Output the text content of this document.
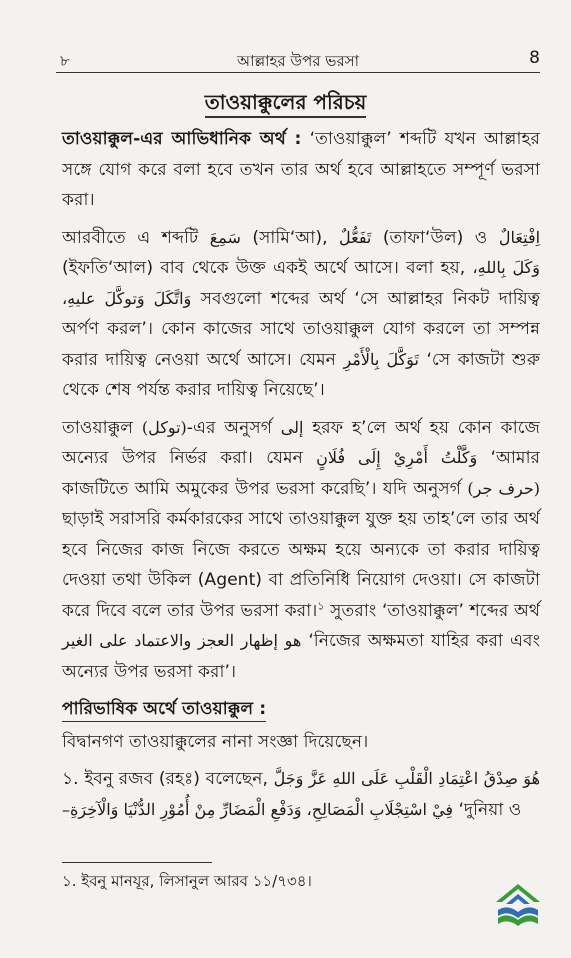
৮	আল্লাহর উপর ভরসা	8
তাওয়াক্কুলের পরিচয়

তাওয়াক্কুল-এর আভিধানিক অর্থ : ‘তাওয়াক্কুল’ শব্দটি যখন আল্লাহর সঙ্গে যোগ করে বলা হবে তখন তার অর্থ হবে আল্লাহতে সম্পূর্ণ ভরসা করা।

আরবীতে এ শব্দটি سَمِعَ (সামি‘আ), تَفَعُّلٌ (তাফা‘উল) ও اِفْتِعَالٌ (ইফতি‘আল) বাব থেকে উক্ত একই অর্থে আসে। বলা হয়, وَكَلَ بِاللهِ، وَاتَّكَلَ وَتوكَّلَ عليهِ، সবগুলো শব্দের অর্থ ‘সে আল্লাহর নিকট দায়িত্ব অর্পণ করল’। কোন কাজের সাথে তাওয়াক্কুল যোগ করলে তা সম্পন্ন করার দায়িত্ব নেওয়া অর্থে আসে। যেমন تَوَكَّلَ بِالْأَمْرِ ‘সে কাজটা শুরু থেকে শেষ পর্যন্ত করার দায়িত্ব নিয়েছে’।

তাওয়াক্কুল (توكل)-এর অনুসর্গ إلى হরফ হ’লে অর্থ হয় কোন কাজে অন্যের উপর নির্ভর করা। যেমন وَكَّلْتُ أَمْرِيْ إِلَى فُلَانٍ ‘আমার কাজটিতে আমি অমুকের উপর ভরসা করেছি’। যদি অনুসর্গ (حرف جر) ছাড়াই সরাসরি কর্মকারকের সাথে তাওয়াক্কুল যুক্ত হয় তাহ’লে তার অর্থ হবে নিজের কাজ নিজে করতে অক্ষম হয়ে অন্যকে তা করার দায়িত্ব দেওয়া তথা উকিল (Agent) বা প্রতিনিধি নিয়োগ দেওয়া। সে কাজটা করে দিবে বলে তার উপর ভরসা করা।$^১$ সুতরাং ‘তাওয়াক্কুল’ শব্দের অর্থ هو إظهار العجز والاعتماد على الغير ‘নিজের অক্ষমতা যাহির করা এবং অন্যের উপর ভরসা করা’।

পারিভাষিক অর্থে তাওয়াক্কুল :

বিদ্বানগণ তাওয়াক্কুলের নানা সংজ্ঞা দিয়েছেন।

১. ইবনু রজব (রহঃ) বলেছেন, هُوَ صِدْقُ اعْتِمَادِ الْقَلْبِ عَلَى اللهِ عَزَّ وَجَلَّ فِيْ اسْتِجْلَابِ الْمَصَالِحِ، وَدَفْعِ الْمَضَارِّ مِنْ أُمُوْرِ الدُّنْيَا وَالْآخِرَةِ– ‘দুনিয়া ও

১. ইবনু মানযূর, লিসানুল আরব ১১/৭৩৪।
